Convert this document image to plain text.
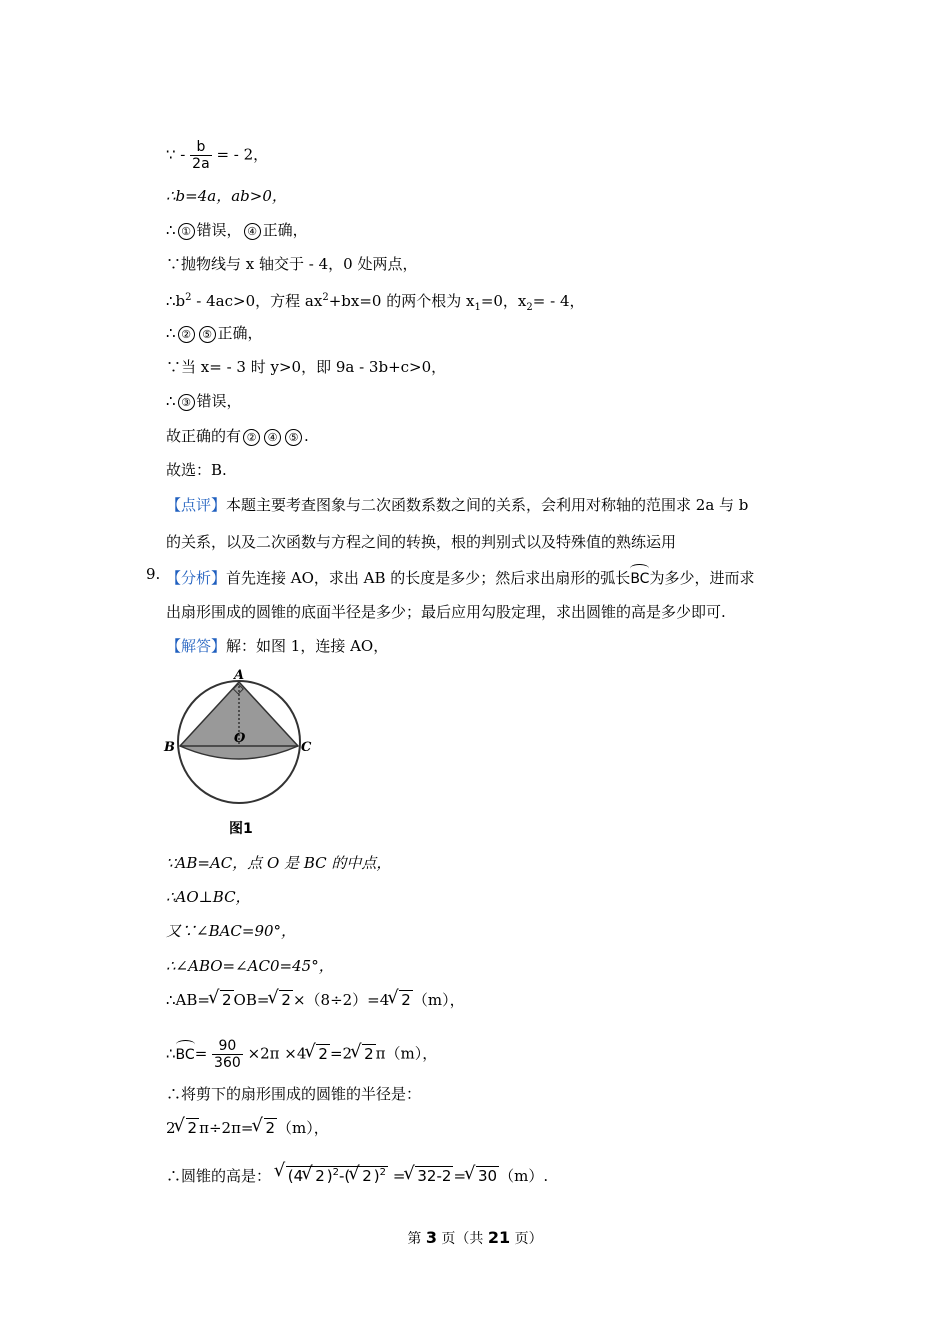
∵ - $\frac{b}{2a}$ = - 2，
∴b=4a，ab>0，
∴ ① 错误， ④ 正确，
∵抛物线与 x 轴交于 - 4，0 处两点，
$\therefore b^2 - 4ac>0$，方程 $ax^2+bx=0$ 的两个根为 $x_1=0$，$x_2= - 4$，
∴ ② ⑤ 正确，
∵当 x= - 3 时 y>0，即 9a - 3b+c>0，
∴ ③ 错误，
故正确的有 ② ④ ⑤ .
故选：B.
【点评】本题主要考查图象与二次函数系数之间的关系，会利用对称轴的范围求 2a 与 b
的关系，以及二次函数与方程之间的转换，根的判别式以及特殊值的熟练运用
9. 【分析】首先连接 AO，求出 AB 的长度是多少；然后求出扇形的弧长BC为多少，进而求
出扇形围成的圆锥的底面半径是多少；最后应用勾股定理，求出圆锥的高是多少即可.
【解答】解：如图 1，连接 AO，
A
B	C
O
图1
∵AB=AC，点 O 是 BC 的中点，
∴AO⊥BC，
又∵∠BAC=90°，
∴∠ABO=∠AC0=45°，
∴AB=√ 2 OB=√ 2 ×（8÷2）=4√ 2 （m），
∴BC= $\frac{90}{360} \times 2\pi \times 4√$ 2 =2√ 2 π（m），
∴将剪下的扇形围成的圆锥的半径是：
2√ 2 π÷2π=√ 2 （m），
∴圆锥的高是： √ (4√ 2 )$^2$-(√ 2 )$^2$ =√ 32-2 =√ 30 （m）.
第 3 页（共 21 页）
